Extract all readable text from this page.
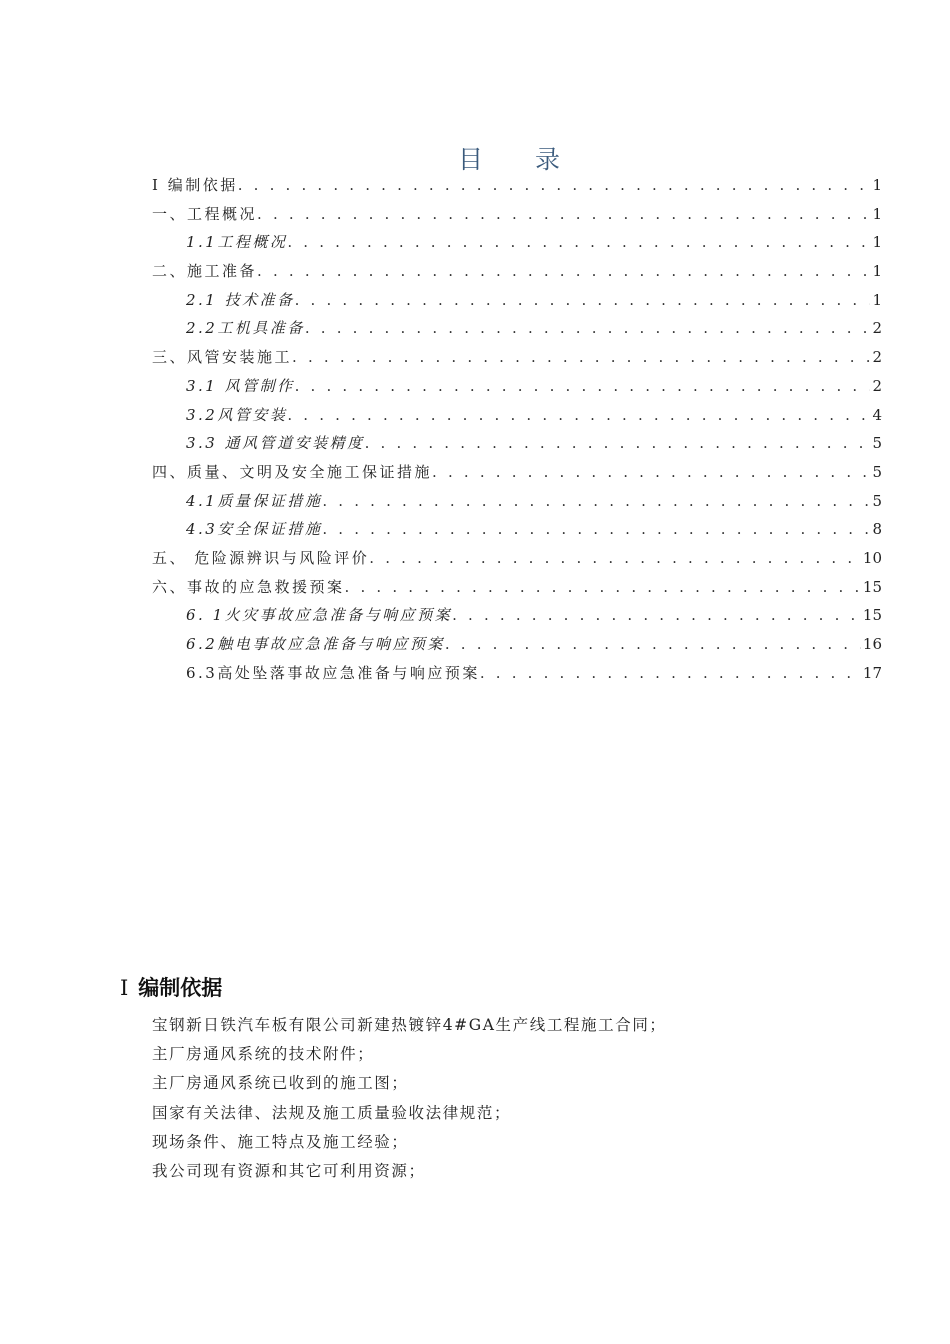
目 录
Ⅰ 编制依据 . . .	1
一、工程概况 . . .	1
1.1工程概况 . . .	1
二、施工准备 . . .	1
2.1 技术准备 . . .	1
2.2工机具准备 . . .	2
三、风管安装施工 . . .	2
3.1 风管制作 . . .	2
3.2风管安装 . . .	4
3.3 通风管道安装精度 . . .	5
四、质量、文明及安全施工保证措施 . . .	5
4.1质量保证措施 . . .	5
4.3安全保证措施 . . .	8
五、 危险源辨识与风险评价 . . .	10
六、事故的应急救援预案 . . .	15
6. 1火灾事故应急准备与响应预案 . . .	15
6.2触电事故应急准备与响应预案 . . .	16
6.3高处坠落事故应急准备与响应预案 . . .	17
Ⅰ 编制依据
宝钢新日铁汽车板有限公司新建热镀锌4#GA生产线工程施工合同；
主厂房通风系统的技术附件；
主厂房通风系统已收到的施工图；
国家有关法律、法规及施工质量验收法律规范；
现场条件、施工特点及施工经验；
我公司现有资源和其它可利用资源；
